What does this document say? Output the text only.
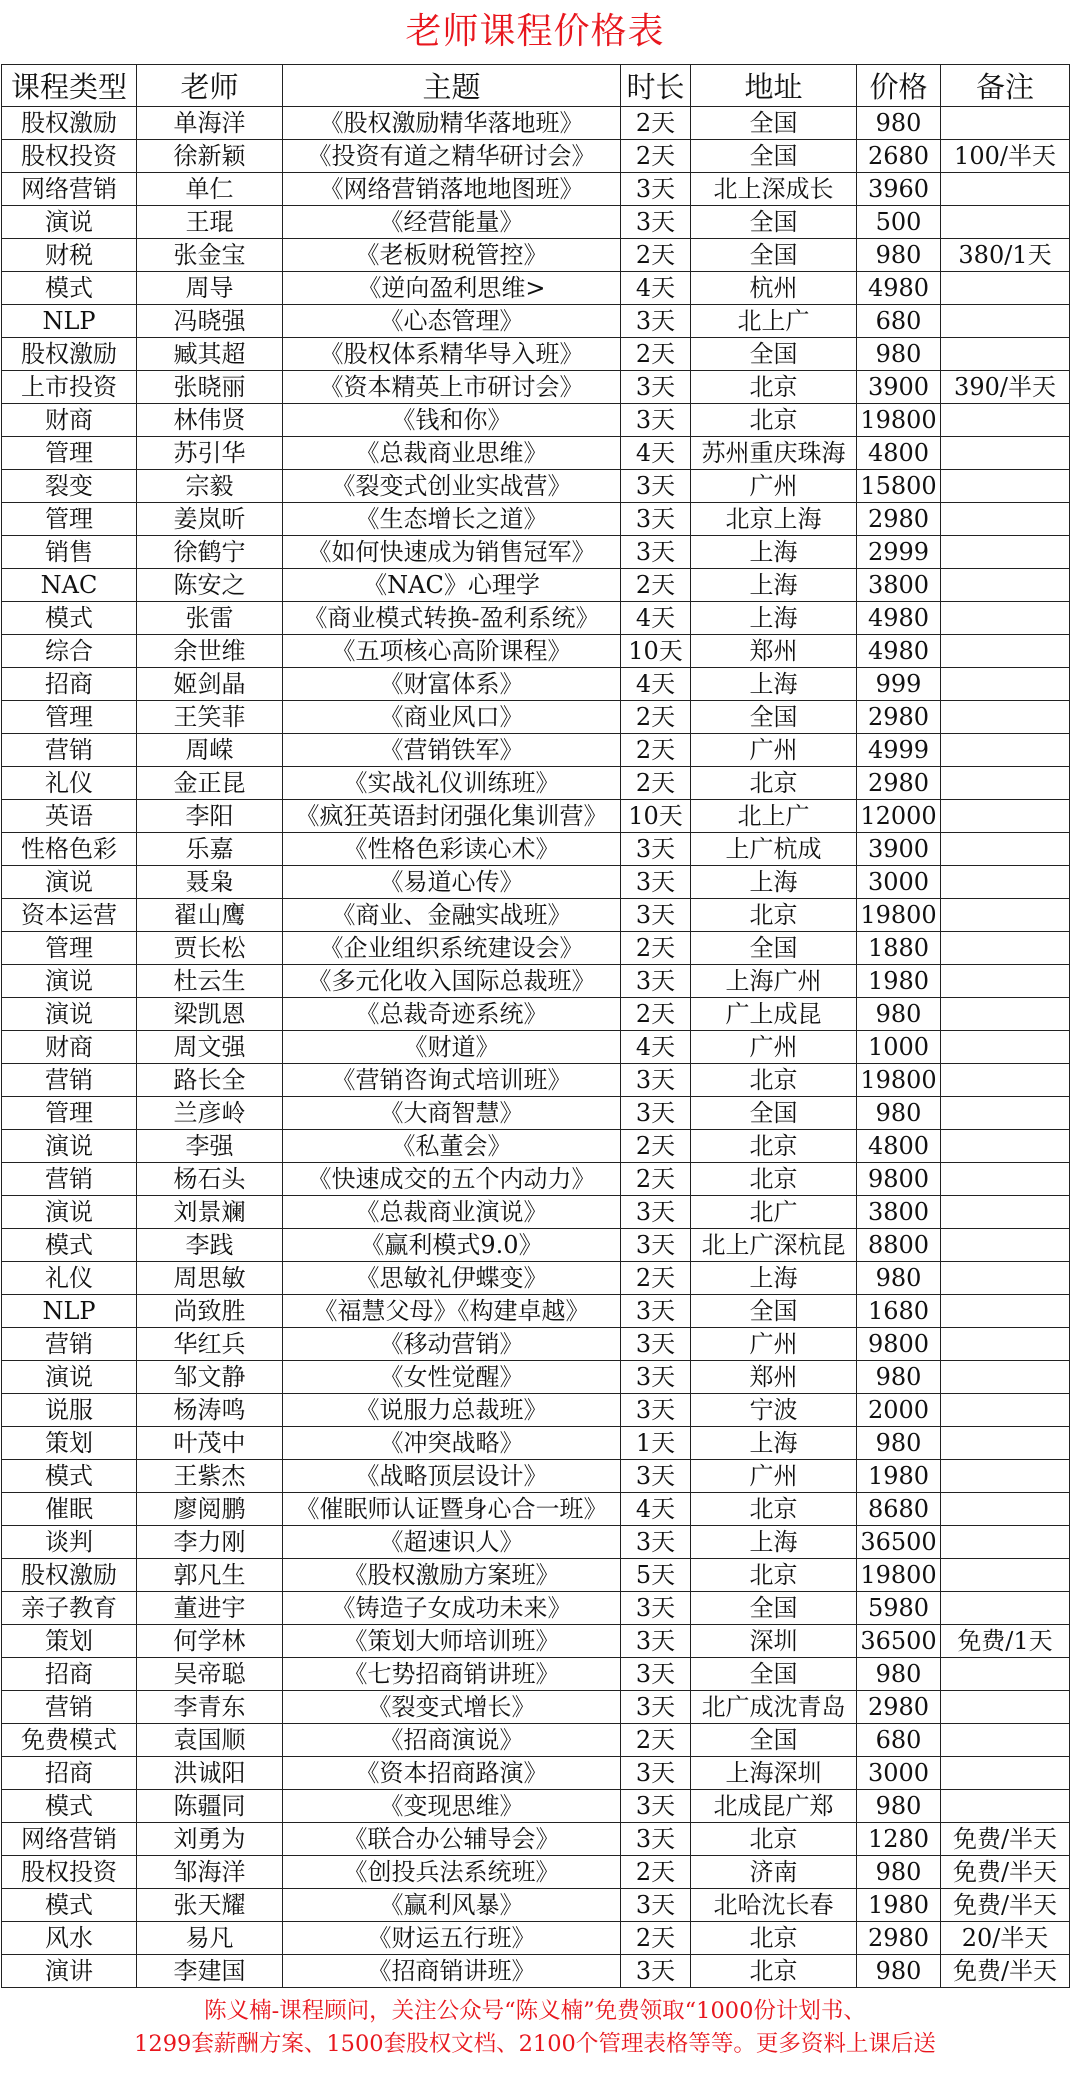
老师课程价格表
课程类型	老师	主题	时长	地址	价格	备注
股权激励	单海洋	《股权激励精华落地班》	2天	全国	980	
股权投资	徐新颖	《投资有道之精华研讨会》	2天	全国	2680	100/半天
网络营销	单仁	《网络营销落地地图班》	3天	北上深成长	3960	
演说	王琨	《经营能量》	3天	全国	500	
财税	张金宝	《老板财税管控》	2天	全国	980	380/1天
模式	周导	《逆向盈利思维>	4天	杭州	4980	
NLP	冯晓强	《心态管理》	3天	北上广	680	
股权激励	臧其超	《股权体系精华导入班》	2天	全国	980	
上市投资	张晓丽	《资本精英上市研讨会》	3天	北京	3900	390/半天
财商	林伟贤	《钱和你》	3天	北京	19800	
管理	苏引华	《总裁商业思维》	4天	苏州重庆珠海	4800	
裂变	宗毅	《裂变式创业实战营》	3天	广州	15800	
管理	姜岚昕	《生态增长之道》	3天	北京上海	2980	
销售	徐鹤宁	《如何快速成为销售冠军》	3天	上海	2999	
NAC	陈安之	《NAC》心理学	2天	上海	3800	
模式	张雷	《商业模式转换-盈利系统》	4天	上海	4980	
综合	余世维	《五项核心高阶课程》	10天	郑州	4980	
招商	姬剑晶	《财富体系》	4天	上海	999	
管理	王笑菲	《商业风口》	2天	全国	2980	
营销	周嵘	《营销铁军》	2天	广州	4999	
礼仪	金正昆	《实战礼仪训练班》	2天	北京	2980	
英语	李阳	《疯狂英语封闭强化集训营》	10天	北上广	12000	
性格色彩	乐嘉	《性格色彩读心术》	3天	上广杭成	3900	
演说	聂枭	《易道心传》	3天	上海	3000	
资本运营	翟山鹰	《商业、金融实战班》	3天	北京	19800	
管理	贾长松	《企业组织系统建设会》	2天	全国	1880	
演说	杜云生	《多元化收入国际总裁班》	3天	上海广州	1980	
演说	梁凯恩	《总裁奇迹系统》	2天	广上成昆	980	
财商	周文强	《财道》	4天	广州	1000	
营销	路长全	《营销咨询式培训班》	3天	北京	19800	
管理	兰彦岭	《大商智慧》	3天	全国	980	
演说	李强	《私董会》	2天	北京	4800	
营销	杨石头	《快速成交的五个内动力》	2天	北京	9800	
演说	刘景斓	《总裁商业演说》	3天	北广	3800	
模式	李践	《赢利模式9.0》	3天	北上广深杭昆	8800	
礼仪	周思敏	《思敏礼伊蝶变》	2天	上海	980	
NLP	尚致胜	《福慧父母》《构建卓越》	3天	全国	1680	
营销	华红兵	《移动营销》	3天	广州	9800	
演说	邹文静	《女性觉醒》	3天	郑州	980	
说服	杨涛鸣	《说服力总裁班》	3天	宁波	2000	
策划	叶茂中	《冲突战略》	1天	上海	980	
模式	王紫杰	《战略顶层设计》	3天	广州	1980	
催眠	廖阅鹏	《催眠师认证暨身心合一班》	4天	北京	8680	
谈判	李力刚	《超速识人》	3天	上海	36500	
股权激励	郭凡生	《股权激励方案班》	5天	北京	19800	
亲子教育	董进宇	《铸造子女成功未来》	3天	全国	5980	
策划	何学林	《策划大师培训班》	3天	深圳	36500	免费/1天
招商	吴帝聪	《七势招商销讲班》	3天	全国	980	
营销	李青东	《裂变式增长》	3天	北广成沈青岛	2980	
免费模式	袁国顺	《招商演说》	2天	全国	680	
招商	洪诚阳	《资本招商路演》	3天	上海深圳	3000	
模式	陈疆同	《变现思维》	3天	北成昆广郑	980	
网络营销	刘勇为	《联合办公辅导会》	3天	北京	1280	免费/半天
股权投资	邹海洋	《创投兵法系统班》	2天	济南	980	免费/半天
模式	张天耀	《赢利风暴》	3天	北哈沈长春	1980	免费/半天
风水	易凡	《财运五行班》	2天	北京	2980	20/半天
演讲	李建国	《招商销讲班》	3天	北京	980	免费/半天
陈义楠-课程顾问，关注公众号“陈义楠”免费领取“1000份计划书、
1299套薪酬方案、1500套股权文档、2100个管理表格等等。更多资料上课后送
